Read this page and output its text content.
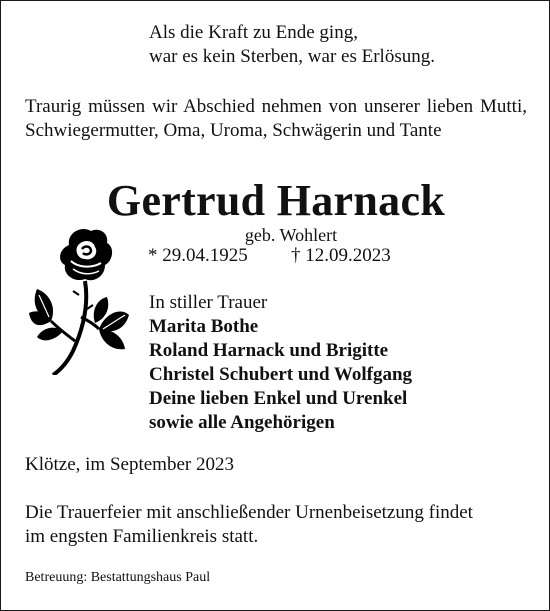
Als die Kraft zu Ende ging,
war es kein Sterben, war es Erlösung.
Traurig müssen wir Abschied nehmen von unserer lieben Mutti, Schwiegermutter, Oma, Uroma, Schwägerin und Tante
Gertrud Harnack
geb. Wohlert
* 29.04.1925 † 12.09.2023
In stiller Trauer
Marita Bothe
Roland Harnack und Brigitte
Christel Schubert und Wolfgang
Deine lieben Enkel und Urenkel
sowie alle Angehörigen
Klötze, im September 2023
Die Trauerfeier mit anschließender Urnenbeisetzung findet
im engsten Familienkreis statt.
Betreuung: Bestattungshaus Paul
